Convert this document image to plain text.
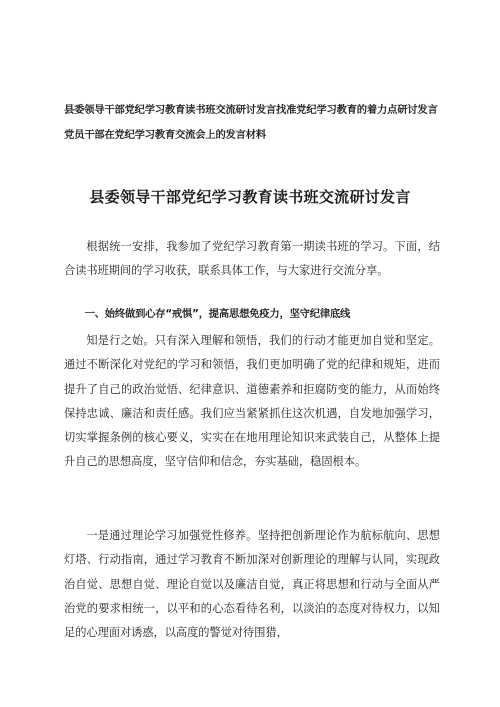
县委领导干部党纪学习教育读书班交流研讨发言找准党纪学习教育的着力点研讨发言
党员干部在党纪学习教育交流会上的发言材料
县委领导干部党纪学习教育读书班交流研讨发言

根据统一安排，我参加了党纪学习教育第一期读书班的学习。下面，结合读书班期间的学习收获，联系具体工作，与大家进行交流分享。

一、始终做到心存“戒惧”，提高思想免疫力，坚守纪律底线

知是行之始。只有深入理解和领悟，我们的行动才能更加自觉和坚定。通过不断深化对党纪的学习和领悟，我们更加明确了党的纪律和规矩，进而提升了自己的政治觉悟、纪律意识、道德素养和拒腐防变的能力，从而始终保持忠诚、廉洁和责任感。我们应当紧紧抓住这次机遇，自发地加强学习，切实掌握条例的核心要义，实实在在地用理论知识来武装自己，从整体上提升自己的思想高度，坚守信仰和信念，夯实基础，稳固根本。

一是通过理论学习加强党性修养。坚持把创新理论作为航标航向、思想灯塔、行动指南，通过学习教育不断加深对创新理论的理解与认同，实现政治自觉、思想自觉、理论自觉以及廉洁自觉，真正将思想和行动与全面从严治党的要求相统一，以平和的心态看待名利，以淡泊的态度对待权力，以知足的心理面对诱惑，以高度的警觉对待围猎，
